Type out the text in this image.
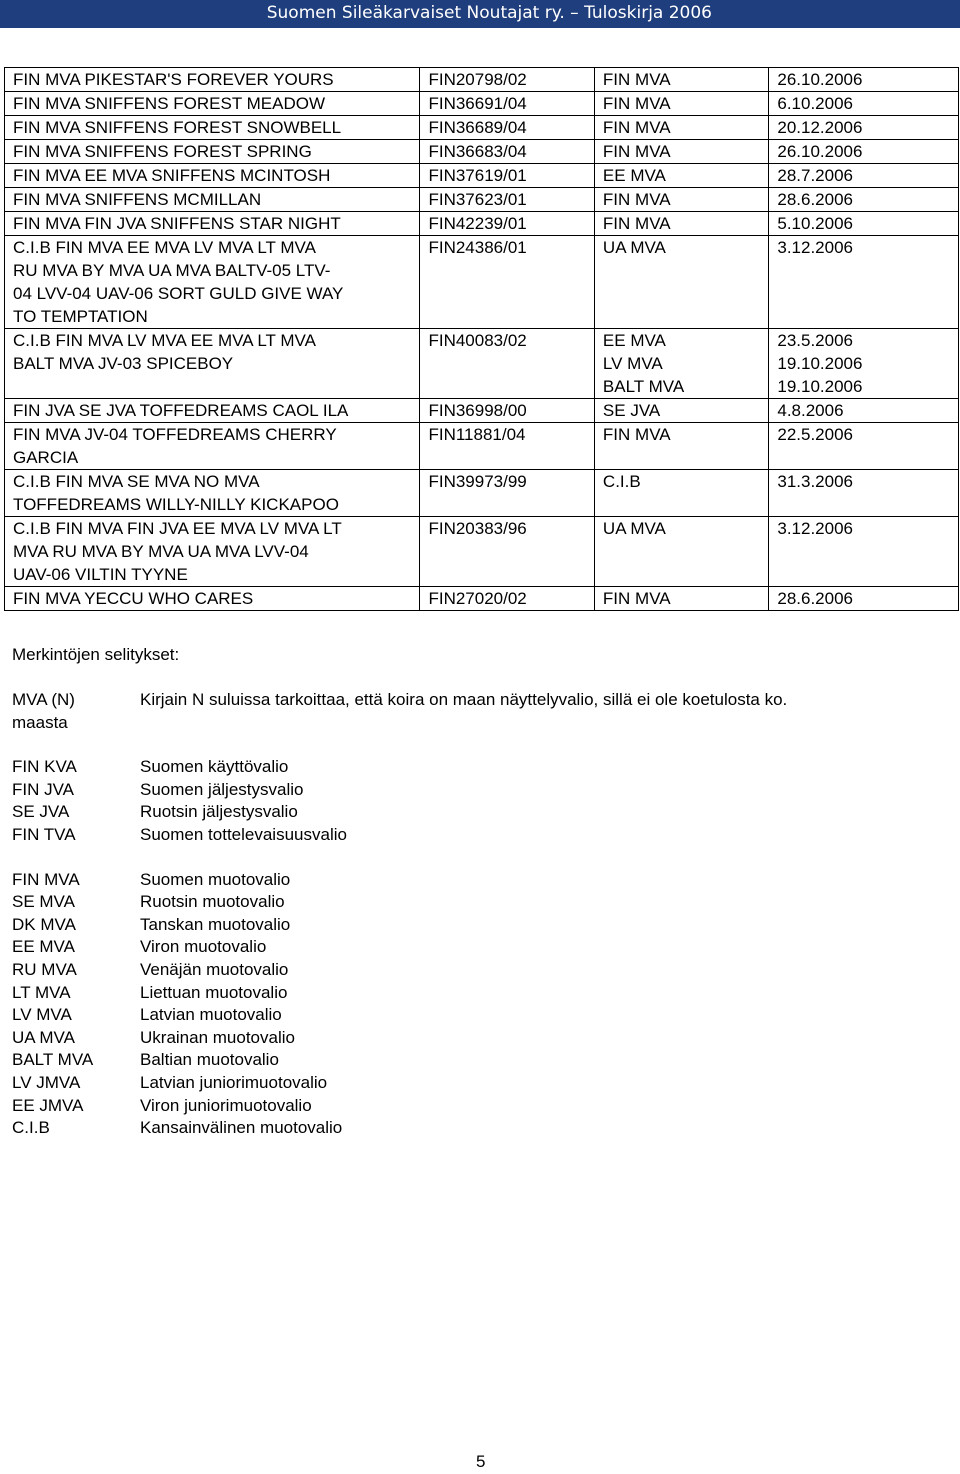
Suomen Sileäkarvaiset Noutajat ry. – Tuloskirja 2006
FIN MVA PIKESTAR'S FOREVER YOURS	FIN20798/02	FIN MVA	26.10.2006

FIN MVA SNIFFENS FOREST MEADOW	FIN36691/04	FIN MVA	6.10.2006

FIN MVA SNIFFENS FOREST SNOWBELL	FIN36689/04	FIN MVA	20.12.2006

FIN MVA SNIFFENS FOREST SPRING	FIN36683/04	FIN MVA	26.10.2006

FIN MVA EE MVA SNIFFENS MCINTOSH	FIN37619/01	EE MVA	28.7.2006

FIN MVA SNIFFENS MCMILLAN	FIN37623/01	FIN MVA	28.6.2006

FIN MVA FIN JVA SNIFFENS STAR NIGHT	FIN42239/01	FIN MVA	5.10.2006

C.I.B FIN MVA EE MVA LV MVA LT MVA
RU MVA BY MVA UA MVA BALTV-05 LTV-
04 LVV-04 UAV-06 SORT GULD GIVE WAY
TO TEMPTATION	FIN24386/01	UA MVA	3.12.2006

C.I.B FIN MVA LV MVA EE MVA LT MVA
BALT MVA JV-03 SPICEBOY	FIN40083/02	EE MVA
LV MVA
BALT MVA	23.5.2006
19.10.2006
19.10.2006

FIN JVA SE JVA TOFFEDREAMS CAOL ILA	FIN36998/00	SE JVA	4.8.2006

FIN MVA JV-04 TOFFEDREAMS CHERRY
GARCIA	FIN11881/04	FIN MVA	22.5.2006

C.I.B FIN MVA SE MVA NO MVA
TOFFEDREAMS WILLY-NILLY KICKAPOO	FIN39973/99	C.I.B	31.3.2006

C.I.B FIN MVA FIN JVA EE MVA LV MVA LT
MVA RU MVA BY MVA UA MVA LVV-04
UAV-06 VILTIN TYYNE	FIN20383/96	UA MVA	3.12.2006

FIN MVA YECCU WHO CARES	FIN27020/02	FIN MVA	28.6.2006
Merkintöjen selitykset:
MVA (N)
maasta
Kirjain N suluissa tarkoittaa, että koira on maan näyttelyvalio, sillä ei ole koetulosta ko.
FIN KVA	Suomen käyttövalio
FIN JVA	Suomen jäljestysvalio
SE JVA	Ruotsin jäljestysvalio
FIN TVA	Suomen tottelevaisuusvalio
FIN MVA	Suomen muotovalio
SE MVA	Ruotsin muotovalio
DK MVA	Tanskan muotovalio
EE MVA	Viron muotovalio
RU MVA	Venäjän muotovalio
LT MVA	Liettuan muotovalio
LV MVA	Latvian muotovalio
UA MVA	Ukrainan muotovalio
BALT MVA	Baltian muotovalio
LV JMVA	Latvian juniorimuotovalio
EE JMVA	Viron juniorimuotovalio
C.I.B	Kansainvälinen muotovalio
5
